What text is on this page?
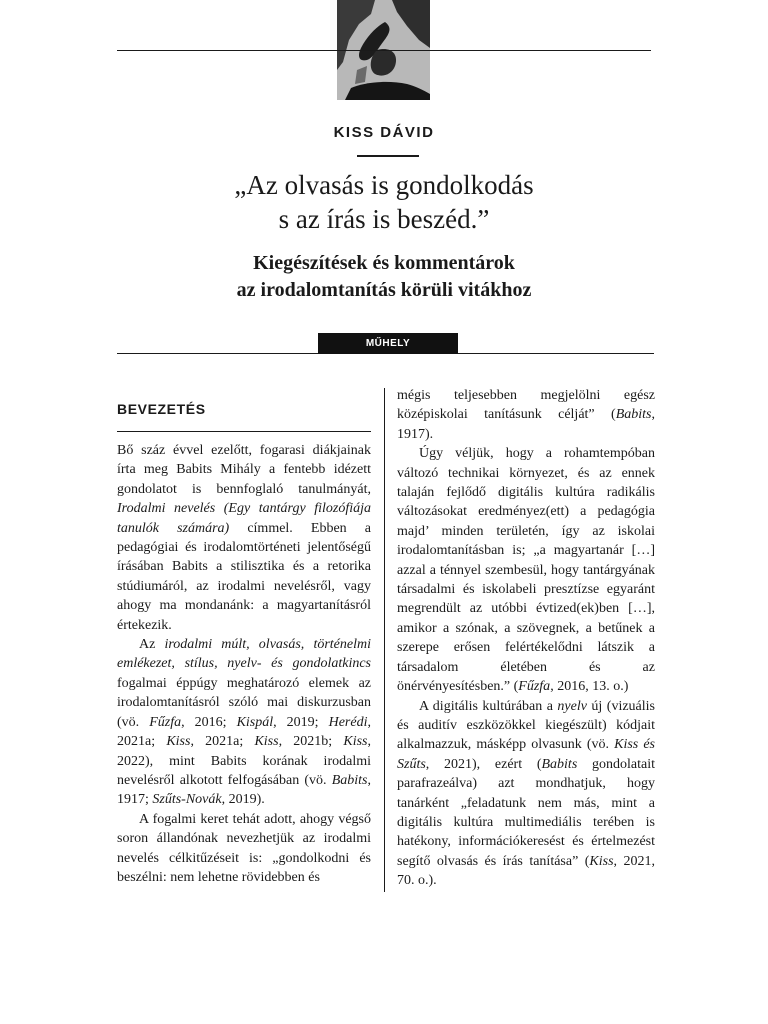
KISS DÁVID
„Az olvasás is gondolkodás
s az írás is beszéd.”
Kiegészítések és kommentárok
az irodalomtanítás körüli vitákhoz
MŰHELY
BEVEZETÉS

Bő száz évvel ezelőtt, fogarasi diákjainak írta meg Babits Mihály a fentebb idézett gondolatot is bennfoglaló tanulmányát, Irodalmi nevelés (Egy tantárgy filozófiája tanulók számára) címmel. Ebben a pedagógiai és irodalomtörténeti jelentőségű írásában Babits a stilisztika és a retorika stúdiumáról, az irodalmi nevelésről, vagy ahogy ma mondanánk: a magyartanításról értekezik.

Az irodalmi múlt, olvasás, történelmi emlékezet, stílus, nyelv- és gondolatkincs fogalmai éppúgy meghatározó elemek az irodalomtanításról szóló mai diskurzusban (vö. Fűzfa, 2016; Kispál, 2019; Herédi, 2021a; Kiss, 2021a; Kiss, 2021b; Kiss, 2022), mint Babits korának irodalmi nevelésről alkotott felfogásában (vö. Babits, 1917; Szűts-Novák, 2019).

A fogalmi keret tehát adott, ahogy végső soron állandónak nevezhetjük az irodalmi nevelés célkitűzéseit is: „gondolkodni és beszélni: nem lehetne rövidebben és

mégis teljesebben megjelölni egész középiskolai tanításunk célját” (Babits, 1917).

Úgy véljük, hogy a rohamtempóban változó technikai környezet, és az ennek talaján fejlődő digitális kultúra radikális változásokat eredményez(ett) a pedagógia majd’ minden területén, így az iskolai irodalomtanításban is; „a magyartanár […] azzal a ténnyel szembesül, hogy tantárgyának társadalmi és iskolabeli presztízse egyaránt megrendült az utóbbi évtized(ek)ben […], amikor a szónak, a szövegnek, a betűnek a szerepe erősen felértékelődni látszik a társadalom életében és az önérvényesítésben.” (Fűzfa, 2016, 13. o.)

A digitális kultúrában a nyelv új (vizuális és auditív eszközökkel kiegészült) kódjait alkalmazzuk, másképp olvasunk (vö. Kiss és Szűts, 2021), ezért (Babits gondolatait parafrazeálva) azt mondhatjuk, hogy tanárként „feladatunk nem más, mint a digitális kultúra multimediális terében is hatékony, információkeresést és értelmezést segítő olvasás és írás tanítása” (Kiss, 2021, 70. o.).
